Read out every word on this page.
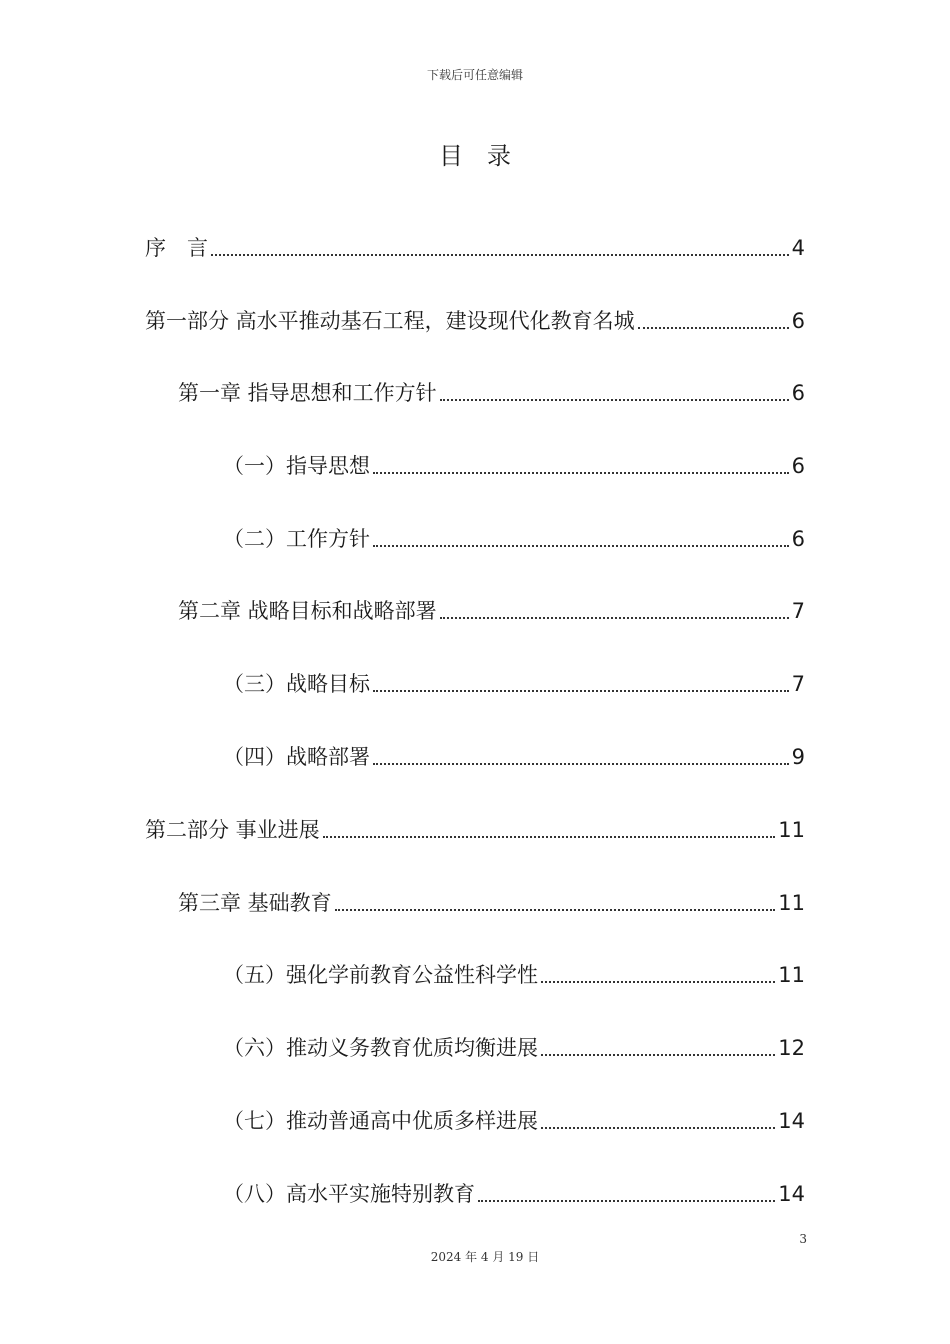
下载后可任意编辑
目录
序　言	4
第一部分 高水平推动基石工程，建设现代化教育名城	6
第一章 指导思想和工作方针	6
（一）指导思想	6
（二）工作方针	6
第二章 战略目标和战略部署	7
（三）战略目标	7
（四）战略部署	9
第二部分 事业进展	11
第三章 基础教育	11
（五）强化学前教育公益性科学性	11
（六）推动义务教育优质均衡进展	12
（七）推动普通高中优质多样进展	14
（八）高水平实施特别教育	14
3
2024 年 4 月 19 日
